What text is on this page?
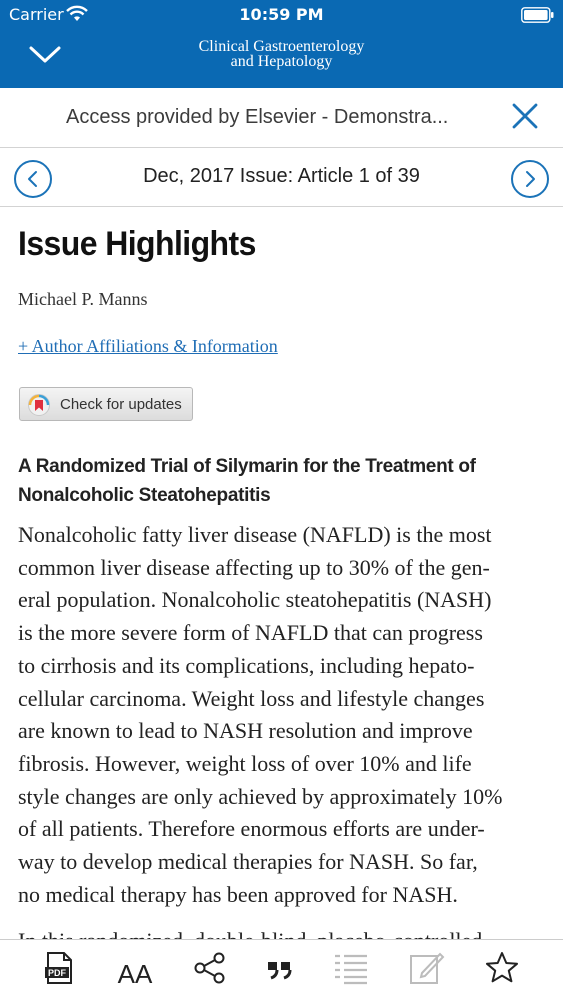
Carrier	10:59 PM
Clinical Gastroenterology
and Hepatology
Access provided by Elsevier - Demonstra...
Dec, 2017 Issue: Article 1 of 39
Issue Highlights
Michael P. Manns
+ Author Affiliations & Information
Check for updates
A Randomized Trial of Silymarin for the Treatment of Nonalcoholic Steatohepatitis
Nonalcoholic fatty liver disease (NAFLD) is the most
common liver disease affecting up to 30% of the gen-
eral population. Nonalcoholic steatohepatitis (NASH)
is the more severe form of NAFLD that can progress
to cirrhosis and its complications, including hepato-
cellular carcinoma. Weight loss and lifestyle changes
are known to lead to NASH resolution and improve
fibrosis. However, weight loss of over 10% and life
style changes are only achieved by approximately 10%
of all patients. Therefore enormous efforts are under-
way to develop medical therapies for NASH. So far,
no medical therapy has been approved for NASH.
PDF AA
